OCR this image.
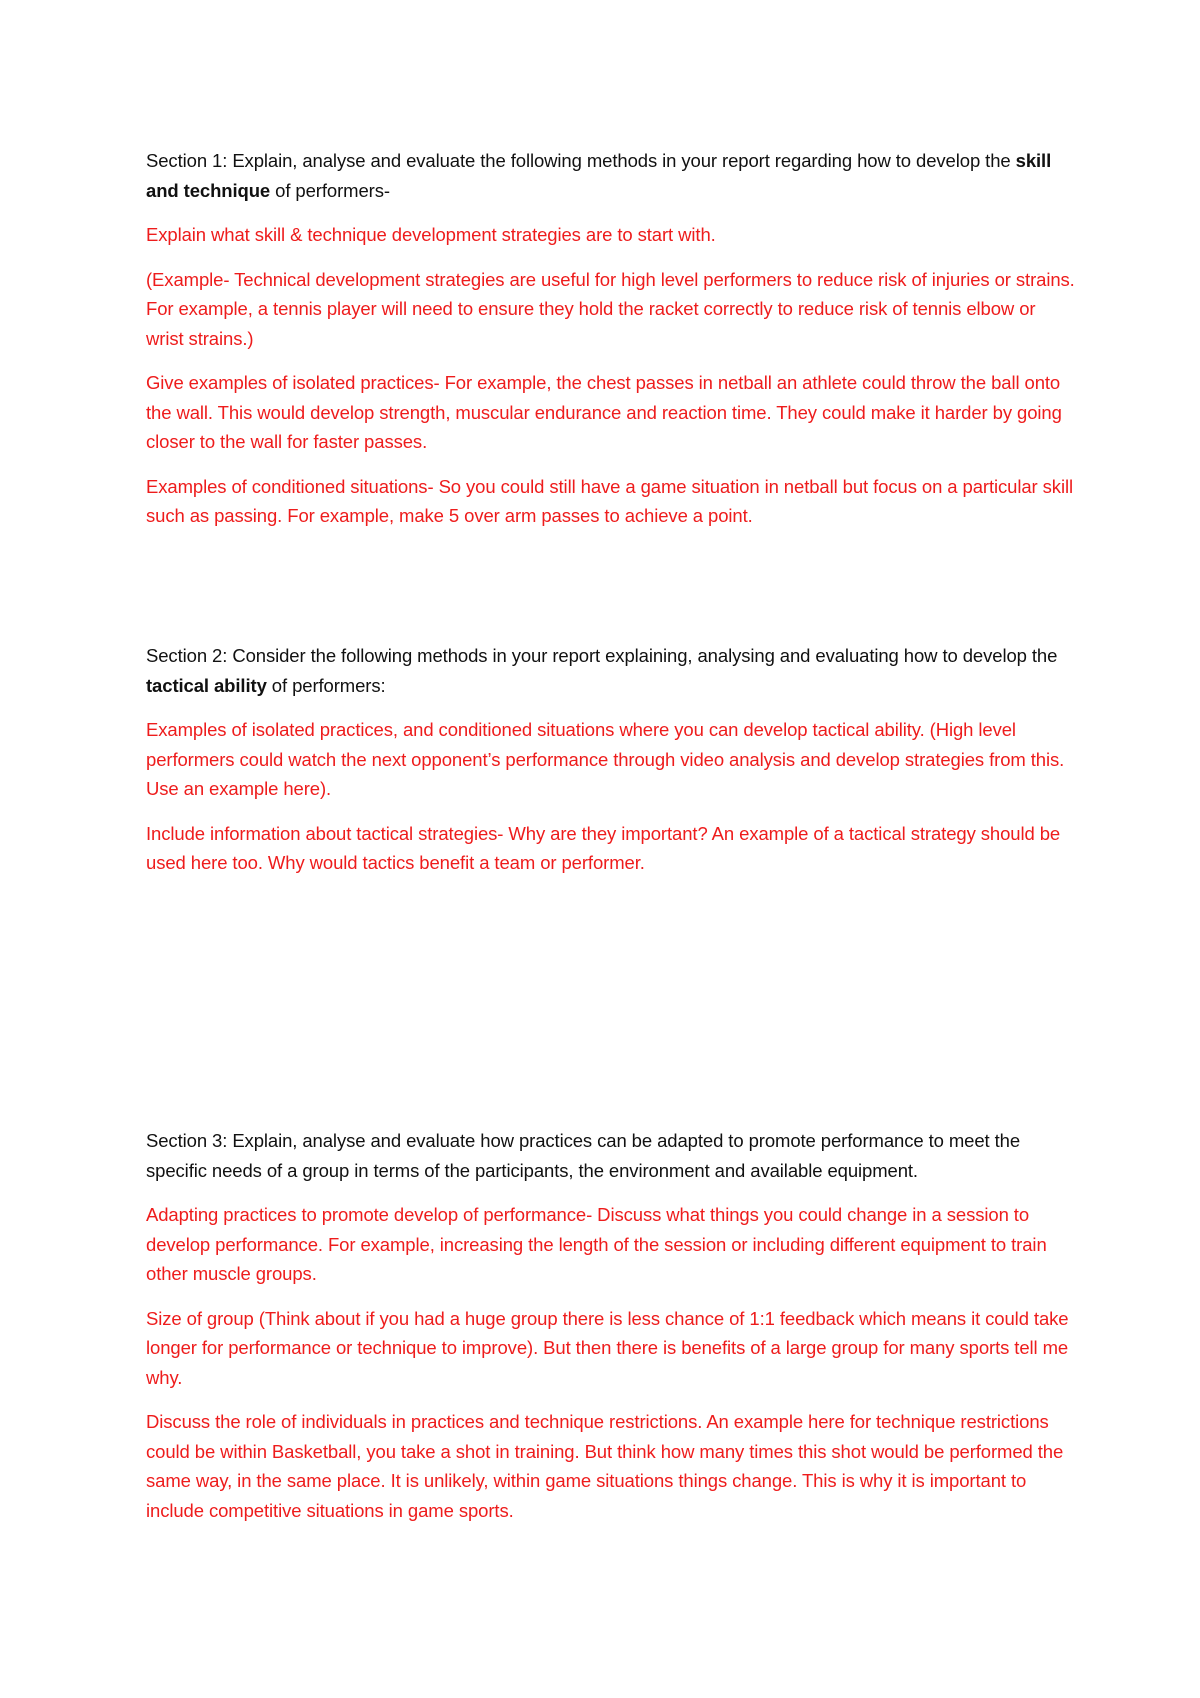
Section 1: Explain, analyse and evaluate the following methods in your report regarding how to develop the skill and technique of performers-

Explain what skill & technique development strategies are to start with.

(Example- Technical development strategies are useful for high level performers to reduce risk of injuries or strains. For example, a tennis player will need to ensure they hold the racket correctly to reduce risk of tennis elbow or wrist strains.)

Give examples of isolated practices- For example, the chest passes in netball an athlete could throw the ball onto the wall. This would develop strength, muscular endurance and reaction time. They could make it harder by going closer to the wall for faster passes.

Examples of conditioned situations- So you could still have a game situation in netball but focus on a particular skill such as passing. For example, make 5 over arm passes to achieve a point.

Section 2: Consider the following methods in your report explaining, analysing and evaluating how to develop the tactical ability of performers:

Examples of isolated practices, and conditioned situations where you can develop tactical ability. (High level performers could watch the next opponent’s performance through video analysis and develop strategies from this. Use an example here).

Include information about tactical strategies- Why are they important? An example of a tactical strategy should be used here too. Why would tactics benefit a team or performer.

Section 3: Explain, analyse and evaluate how practices can be adapted to promote performance to meet the specific needs of a group in terms of the participants, the environment and available equipment.

Adapting practices to promote develop of performance- Discuss what things you could change in a session to develop performance. For example, increasing the length of the session or including different equipment to train other muscle groups.

Size of group (Think about if you had a huge group there is less chance of 1:1 feedback which means it could take longer for performance or technique to improve). But then there is benefits of a large group for many sports tell me why.

Discuss the role of individuals in practices and technique restrictions. An example here for technique restrictions could be within Basketball, you take a shot in training. But think how many times this shot would be performed the same way, in the same place. It is unlikely, within game situations things change. This is why it is important to include competitive situations in game sports.
